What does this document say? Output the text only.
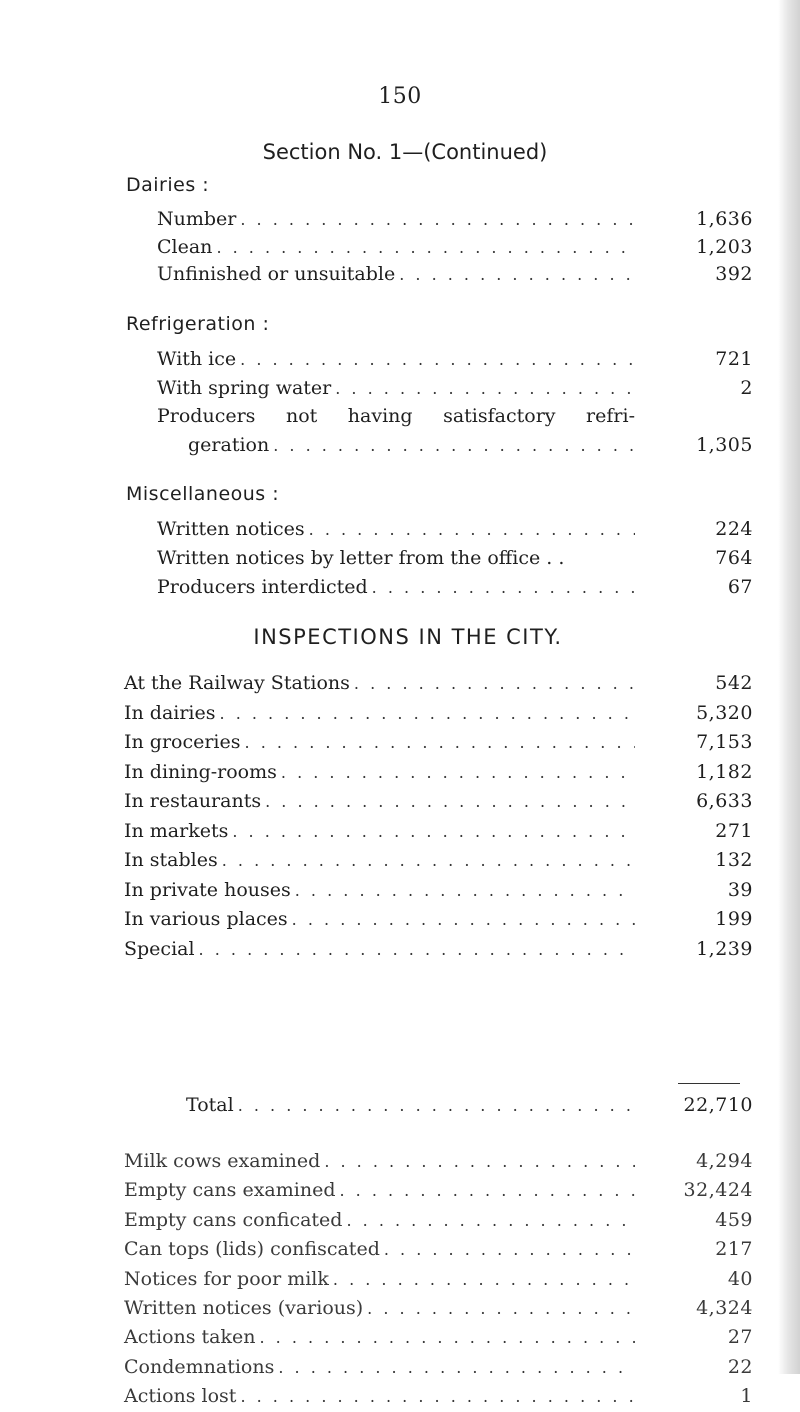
150
Section No. 1—(Continued)
Dairies :
Number . . .	1,636
Clean . . .	1,203
Unfinished or unsuitable . . .	392
Refrigeration :
With ice . . .	721
With spring water . . .	2
Producers not having satisfactory refri-
geration . . .	1,305
Miscellaneous :
Written notices . . .	224
Written notices by letter from the office . .	764
Producers interdicted . . .	67
INSPECTIONS IN THE CITY.
At the Railway Stations . . .	542
In dairies . . .	5,320
In groceries . . .	7,153
In dining-rooms . . .	1,182
In restaurants . . .	6,633
In markets . . .	271
In stables . . .	132
In private houses . . .	39
In various places . . .	199
Special . . .	1,239
Total . . .	22,710
Milk cows examined . . .	4,294
Empty cans examined . . .	32,424
Empty cans conficated . . .	459
Can tops (lids) confiscated . . .	217
Notices for poor milk . . .	40
Written notices (various) . . .	4,324
Actions taken . . .	27
Condemnations . . .	22
Actions lost . . .	1
